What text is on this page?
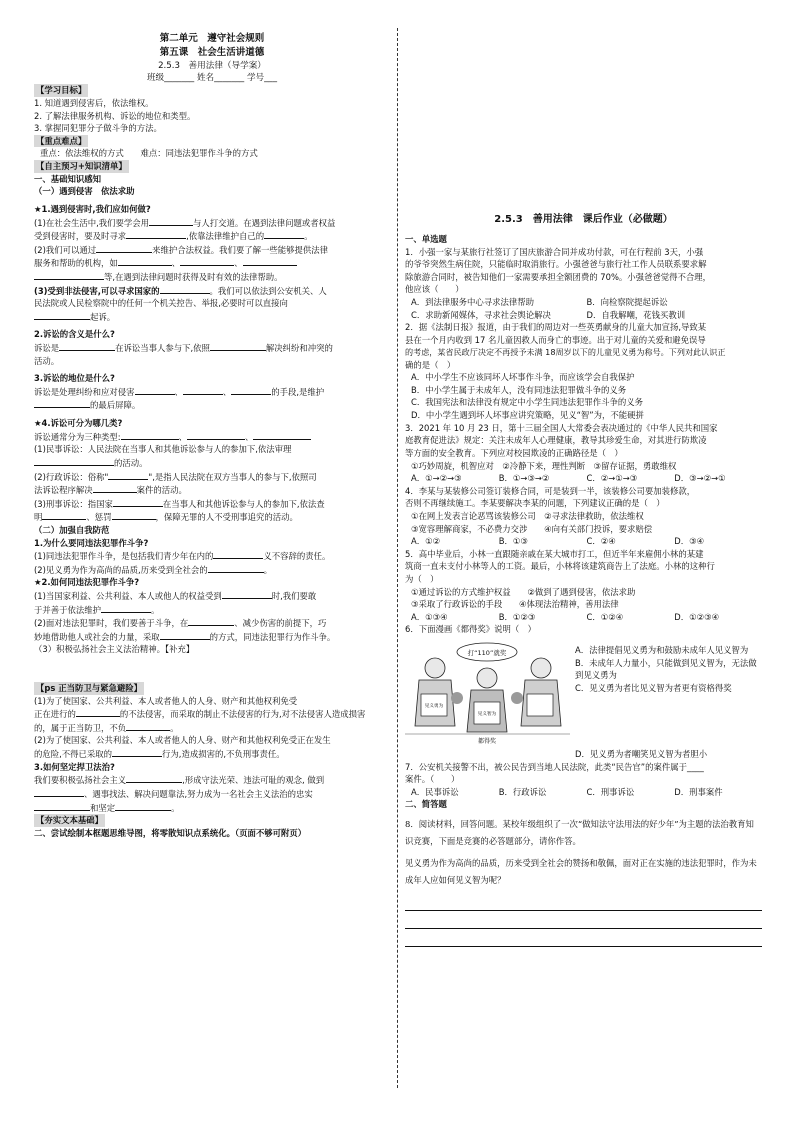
第二单元　遵守社会规则
第五课　社会生活讲道德
2.5.3　善用法律（导学案）
班级_______ 姓名_______ 学号___
【学习目标】

1. 知道遇到侵害后，依法维权。

2. 了解法律服务机构、诉讼的地位和类型。

3. 掌握同犯罪分子做斗争的方法。

【重点难点】

重点：依法维权的方式　　难点：同违法犯罪作斗争的方式

【自主预习+知识清单】

一、基础知识感知

（一）遇到侵害　依法求助

★1.遇到侵害时,我们应如何做?

(1)在社会生活中,我们要学会用	与人打交道。在遇到法律问题或者权益

受到侵害时，要及时寻求	,依靠法律维护自己的	。

(2)我们可以通过	来维护合法权益。我们要了解一些能够提供法律

服务和帮助的机构，如	、	、

等,在遇到法律问题时获得及时有效的法律帮助。

(3)受到非法侵害,可以寻求国家的	。我们可以依法到公安机关、人

民法院或人民检察院中的任何一个机关控告、举报,必要时可以直接向

起诉。

2.诉讼的含义是什么?

诉讼是	在诉讼当事人参与下,依照	解决纠纷和冲突的

活动。

3.诉讼的地位是什么?

诉讼是处理纠纷和应对侵害	、	、	的手段,是维护

的最后屏障。

★4.诉讼可分为哪几类?

诉讼通常分为三种类型:	、	、

(1)民事诉讼：人民法院在当事人和其他诉讼参与人的参加下,依法审理

的活动。

(2)行政诉讼：俗称"	",是指人民法院在双方当事人的参与下,依照司

法诉讼程序解决	案件的活动。

(3)刑事诉讼：指国家	在当事人和其他诉讼参与人的参加下,依法查

明	、惩罚	，保障无罪的人不受刑事追究的活动。

（二）加强自我防范

1.为什么要同违法犯罪作斗争?

(1)同违法犯罪作斗争，是包括我们青少年在内的	义不容辞的责任。

(2)见义勇为作为高尚的品质,历来受到全社会的	。

★2.如何同违法犯罪作斗争?

(1)当国家利益、公共利益、本人或他人的权益受到	时,我们要敢

于并善于依法维护	。

(2)面对违法犯罪时，我们要善于斗争，在	、减少伤害的前提下，巧

妙地借助他人或社会的力量，采取	的方式，同违法犯罪行为作斗争。

（3）积极弘扬社会主义法治精神。【补充】

【ps 正当防卫与紧急避险】

(1)为了使国家、公共利益、本人或者他人的人身、财产和其他权利免受

正在进行的	的不法侵害，而采取的制止不法侵害的行为,对不法侵害人造成损害

的，属于正当防卫，不负	。

(2)为了使国家、公共利益、本人或者他人的人身、财产和其他权利免受正在发生

的危险,不得已采取的	行为,造成损害的,不负刑事责任。

3.如何坚定捍卫法治?

我们要积极弘扬社会主义	,形成守法光荣、违法可耻的观念, 做到

、遇事找法、解决问题靠法,努力成为一名社会主义法治的忠实

和坚定	。

【夯实文本基础】

二、尝试绘制本框题思维导图，将零散知识点系统化。（页面不够可附页）

2.5.3　善用法律　课后作业（必做题）

一、单选题

1．小强一家与某旅行社签订了国庆旅游合同并成功付款，可在行程前 3天，小强

的爷爷突然生病住院，只能临时取消旅行。小强爸爸与旅行社工作人员联系要求解

除旅游合同时，被告知他们一家需要承担全额团费的 70%。小强爸爸觉得不合理，

他应该（　　）

A．到法律服务中心寻求法律帮助	B．向检察院提起诉讼
C．求助新闻媒体，寻求社会舆论解决	D．自我解嘲，花钱买教训

2．据《法制日报》报道，由于我们的周边对一些英勇献身的儿童大加宣扬,导致某

县在一个月内收到 17 名儿童因救人而身亡的事迹。出于对儿童的关爱和避免误导

的考虑，某省民政厅决定不再授予未满 18周岁以下的儿童见义勇为称号。下列对此认识正

确的是（　）

A．中小学生不应该同坏人坏事作斗争，而应该学会自我保护

B．中小学生属于未成年人，没有同违法犯罪做斗争的义务

C．我国宪法和法律没有规定中小学生同违法犯罪作斗争的义务

D．中小学生遇到坏人坏事应讲究策略，见义“智”为，不能硬拼

3．2021 年 10 月 23 日，第十三届全国人大常委会表决通过的《中华人民共和国家

庭教育促进法》规定：关注未成年人心理健康，教导其珍爱生命，对其进行防欺凌

等方面的安全教育。下列应对校园欺凌的正确路径是（　）

①巧妙周旋，机智应对　②冷静下来，理性判断　③留存证据，勇敢维权

A．①→②→③	B．①→③→②	C．②→①→③	D．③→②→①

4．李某与某装修公司签订装修合同，可是装到一半，该装修公司要加装修款，

否则不再继续施工。李某要解决李某的问题，下列建议正确的是（　）

①在网上发表言论恶骂该装修公司　②寻求法律救助，依法维权

③宽容理解商家，不必费力交涉　　④向有关部门投诉，要求赔偿

A．①②	B．①③	C．②④	D．③④

5．高中毕业后，小林一直跟随亲戚在某大城市打工，但近半年来雇佣小林的某建

筑商一直未支付小林等人的工资。最后，小林将该建筑商告上了法庭。小林的这种行

为（　）

①通过诉讼的方式维护权益　　②做到了遇到侵害，依法求助

③采取了行政诉讼的手段　　④体现法治精神，善用法律

A．①③④	B．①②③	C．①②④	D．①②③④

6．下面漫画《都得奖》说明（　）

打“110”就奖
见义勇为
见义智为
都得奖

A．法律提倡见义勇为和鼓励未成年人见义智为

B．未成年人力量小，只能做到见义智为，无法做到见义勇为

C．见义勇为者比见义智为者更有资格得奖

D．见义勇为者嘲笑见义智为者胆小

7．公安机关接警不出，被公民告到当地人民法院，此类“民告官”的案件属于____

案件。（　　）

A．民事诉讼	B．行政诉讼	C．刑事诉讼	D．刑事案件

二、简答题

8．阅读材料，回答问题。某校年级组织了一次“做知法守法用法的好少年”为主题的法治教育知识竞赛，下面是竞赛的必答题部分，请你作答。

见义勇为作为高尚的品质，历来受到全社会的赞扬和敬佩，面对正在实施的违法犯罪时，作为未成年人应如何见义智为呢？
